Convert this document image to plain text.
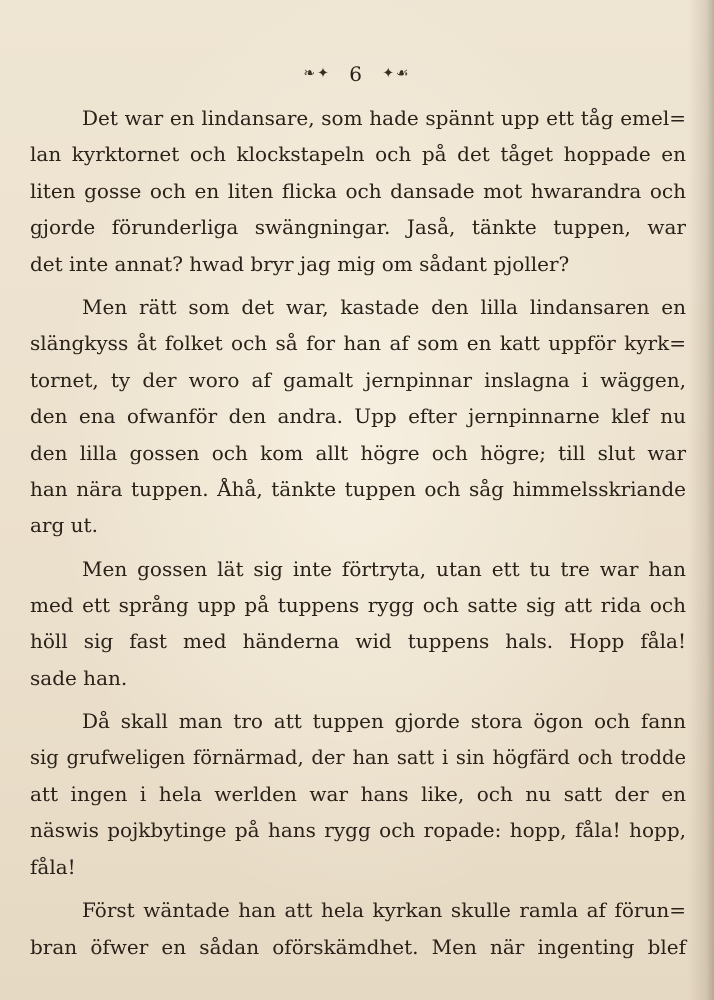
❧✦ 6 ✦☙
Det war en lindansare, som hade spännt upp ett tåg emel=
lan kyrktornet och klockstapeln och på det tåget hoppade en
liten gosse och en liten flicka och dansade mot hwarandra och
gjorde förunderliga swängningar. Jaså, tänkte tuppen, war
det inte annat? hwad bryr jag mig om sådant pjoller?
Men rätt som det war, kastade den lilla lindansaren en
slängkyss åt folket och så for han af som en katt uppför kyrk=
tornet, ty der woro af gamalt jernpinnar inslagna i wäggen,
den ena ofwanför den andra. Upp efter jernpinnarne klef nu
den lilla gossen och kom allt högre och högre; till slut war
han nära tuppen. Åhå, tänkte tuppen och såg himmelsskriande
arg ut.
Men gossen lät sig inte förtryta, utan ett tu tre war han
med ett språng upp på tuppens rygg och satte sig att rida och
höll sig fast med händerna wid tuppens hals. Hopp fåla!
sade han.
Då skall man tro att tuppen gjorde stora ögon och fann
sig grufweligen förnärmad, der han satt i sin högfärd och trodde
att ingen i hela werlden war hans like, och nu satt der en
näswis pojkbytinge på hans rygg och ropade: hopp, fåla! hopp,
fåla!
Först wäntade han att hela kyrkan skulle ramla af förun=
bran öfwer en sådan oförskämdhet. Men när ingenting blef
